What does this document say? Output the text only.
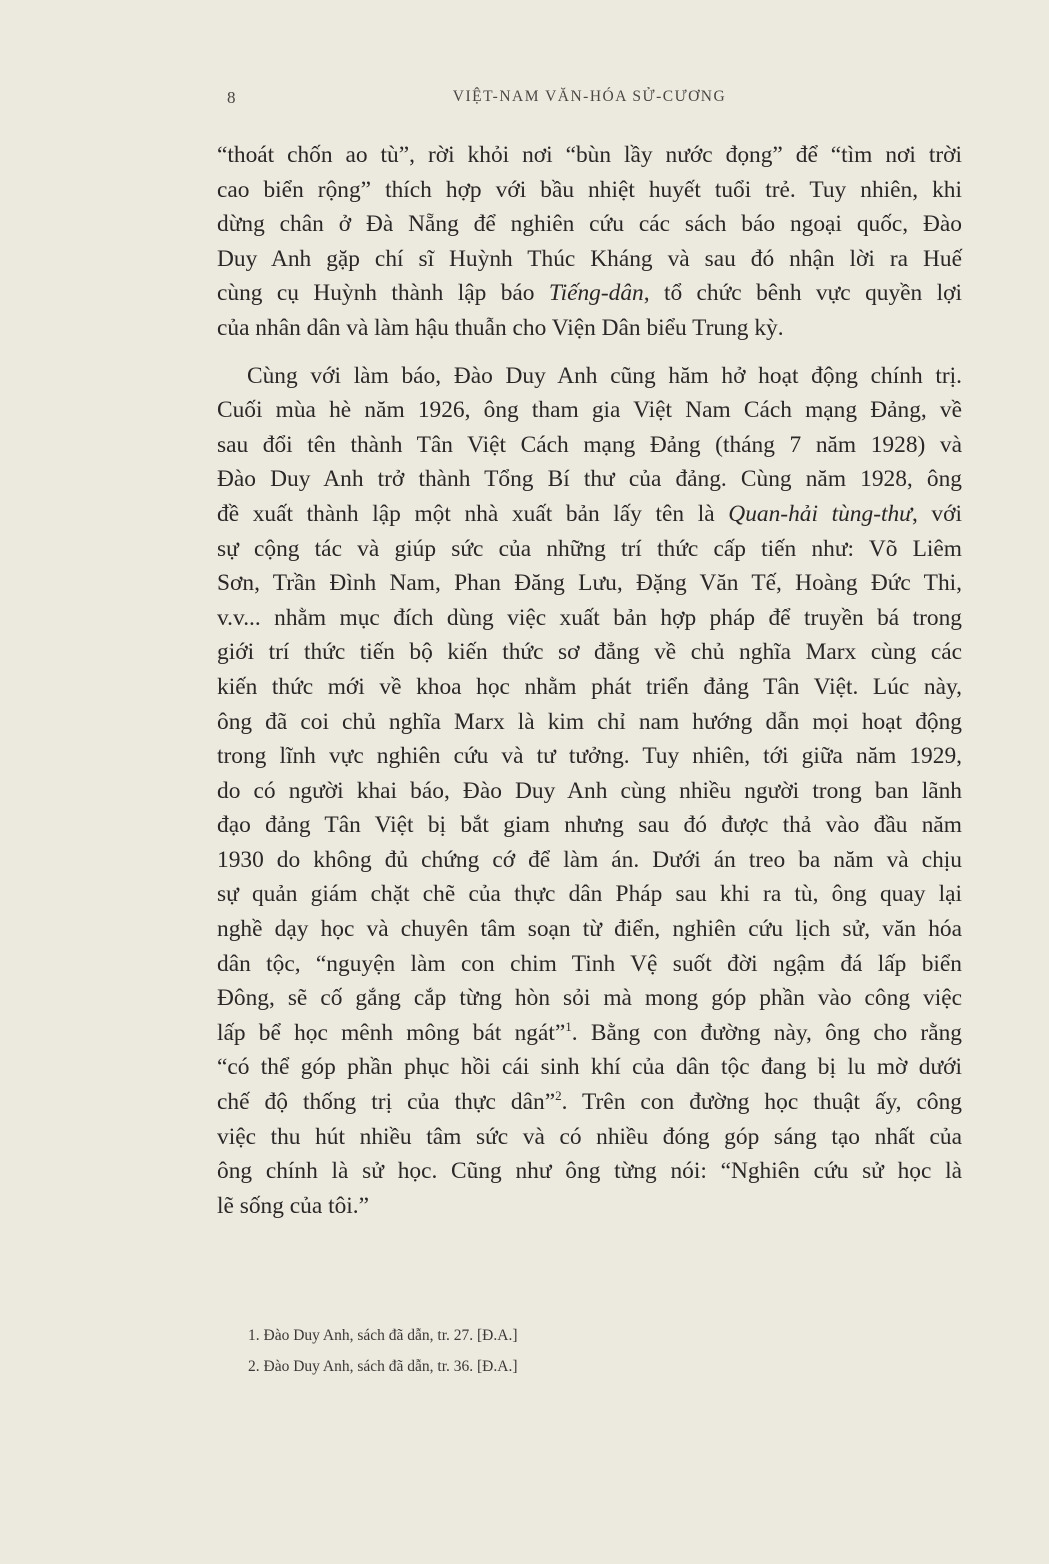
8	VIỆT-NAM VĂN-HÓA SỬ-CƯƠNG
“thoát chốn ao tù”, rời khỏi nơi “bùn lầy nước đọng” để “tìm nơi trời
cao biển rộng” thích hợp với bầu nhiệt huyết tuổi trẻ. Tuy nhiên, khi
dừng chân ở Đà Nẵng để nghiên cứu các sách báo ngoại quốc, Đào
Duy Anh gặp chí sĩ Huỳnh Thúc Kháng và sau đó nhận lời ra Huế
cùng cụ Huỳnh thành lập báo Tiếng-dân, tổ chức bênh vực quyền lợi
của nhân dân và làm hậu thuẫn cho Viện Dân biểu Trung kỳ.
Cùng với làm báo, Đào Duy Anh cũng hăm hở hoạt động chính trị.
Cuối mùa hè năm 1926, ông tham gia Việt Nam Cách mạng Đảng, về
sau đổi tên thành Tân Việt Cách mạng Đảng (tháng 7 năm 1928) và
Đào Duy Anh trở thành Tổng Bí thư của đảng. Cùng năm 1928, ông
đề xuất thành lập một nhà xuất bản lấy tên là Quan-hải tùng-thư, với
sự cộng tác và giúp sức của những trí thức cấp tiến như: Võ Liêm
Sơn, Trần Đình Nam, Phan Đăng Lưu, Đặng Văn Tế, Hoàng Đức Thi,
v.v... nhằm mục đích dùng việc xuất bản hợp pháp để truyền bá trong
giới trí thức tiến bộ kiến thức sơ đẳng về chủ nghĩa Marx cùng các
kiến thức mới về khoa học nhằm phát triển đảng Tân Việt. Lúc này,
ông đã coi chủ nghĩa Marx là kim chỉ nam hướng dẫn mọi hoạt động
trong lĩnh vực nghiên cứu và tư tưởng. Tuy nhiên, tới giữa năm 1929,
do có người khai báo, Đào Duy Anh cùng nhiều người trong ban lãnh
đạo đảng Tân Việt bị bắt giam nhưng sau đó được thả vào đầu năm
1930 do không đủ chứng cớ để làm án. Dưới án treo ba năm và chịu
sự quản giám chặt chẽ của thực dân Pháp sau khi ra tù, ông quay lại
nghề dạy học và chuyên tâm soạn từ điển, nghiên cứu lịch sử, văn hóa
dân tộc, “nguyện làm con chim Tinh Vệ suốt đời ngậm đá lấp biển
Đông, sẽ cố gắng cắp từng hòn sỏi mà mong góp phần vào công việc
lấp bể học mênh mông bát ngát”$^1$. Bằng con đường này, ông cho rằng
“có thể góp phần phục hồi cái sinh khí của dân tộc đang bị lu mờ dưới
chế độ thống trị của thực dân”$^2$. Trên con đường học thuật ấy, công
việc thu hút nhiều tâm sức và có nhiều đóng góp sáng tạo nhất của
ông chính là sử học. Cũng như ông từng nói: “Nghiên cứu sử học là
lẽ sống của tôi.”
1. Đào Duy Anh, sách đã dẫn, tr. 27. [Đ.A.]
2. Đào Duy Anh, sách đã dẫn, tr. 36. [Đ.A.]
